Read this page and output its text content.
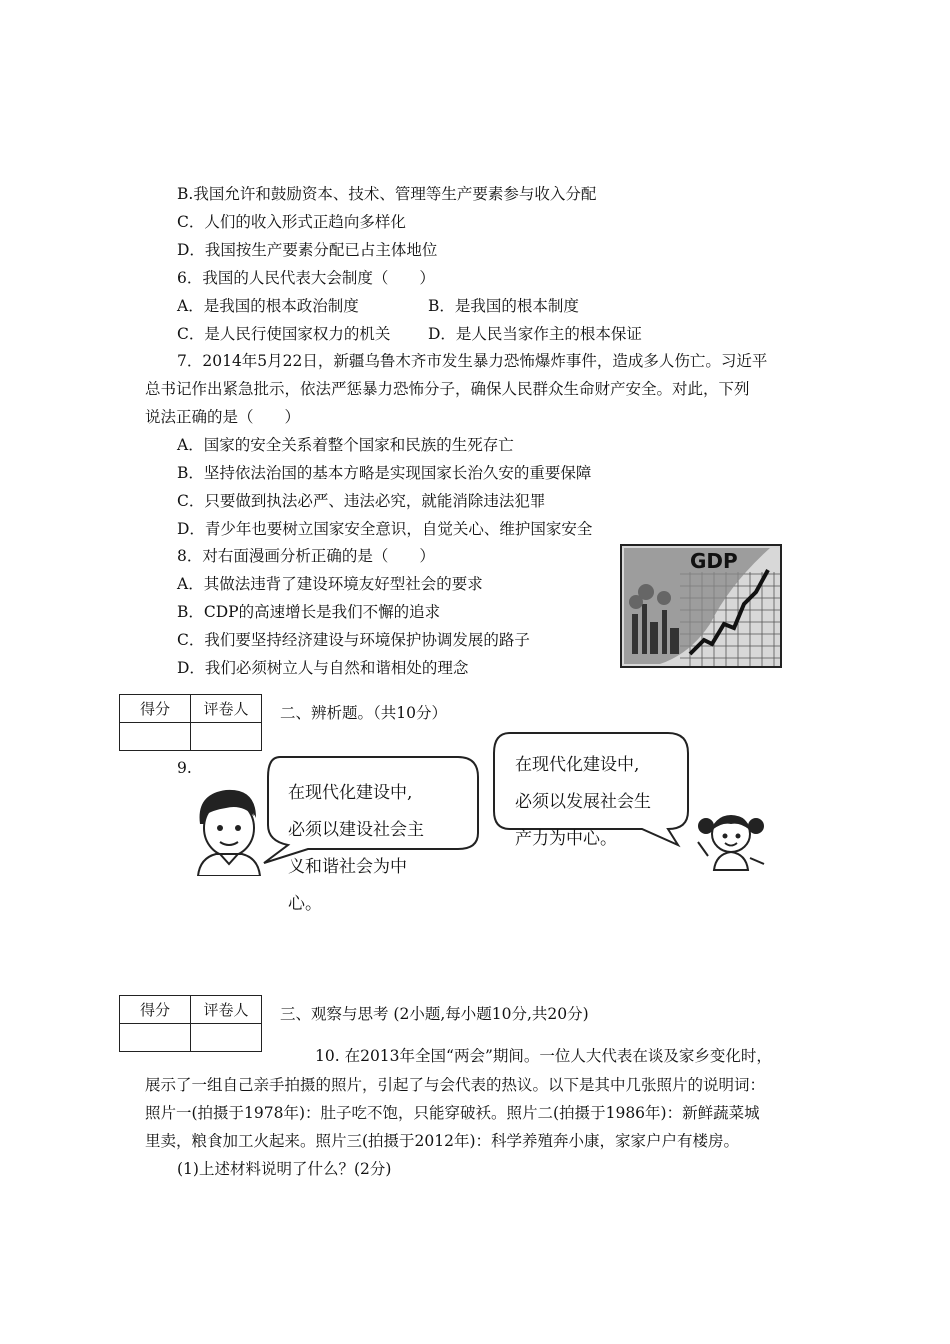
B.我国允许和鼓励资本、技术、管理等生产要素参与收入分配
C．人们的收入形式正趋向多样化
D．我国按生产要素分配已占主体地位
6．我国的人民代表大会制度（　　）
A．是我国的根本政治制度	B．是我国的根本制度
C．是人民行使国家权力的机关 D．是人民当家作主的根本保证
7．2014年5月22日，新疆乌鲁木齐市发生暴力恐怖爆炸事件，造成多人伤亡。习近平
总书记作出紧急批示，依法严惩暴力恐怖分子，确保人民群众生命财产安全。对此，下列
说法正确的是（　　）
A．国家的安全关系着整个国家和民族的生死存亡
B．坚持依法治国的基本方略是实现国家长治久安的重要保障
C．只要做到执法必严、违法必究，就能消除违法犯罪
D．青少年也要树立国家安全意识，自觉关心、维护国家安全
8．对右面漫画分析正确的是（　　）
A．其做法违背了建设环境友好型社会的要求
B．CDP的高速增长是我们不懈的追求
C．我们要坚持经济建设与环境保护协调发展的路子
D．我们必须树立人与自然和谐相处的理念
GDP
得分	评卷人
	二、辨析题。（共10分）
9.
在现代化建设中,
必须以建设社会主
义和谐社会为中
心。
在现代化建设中,
必须以发展社会生
产力为中心。
得分	评卷人
	三、观察与思考 (2小题,每小题10分,共20分)
10. 在2013年全国“两会”期间。一位人大代表在谈及家乡变化时，
展示了一组自己亲手拍摄的照片，引起了与会代表的热议。以下是其中几张照片的说明词：
照片一(拍摄于1978年)：肚子吃不饱，只能穿破袄。照片二(拍摄于1986年)：新鲜蔬菜城
里卖，粮食加工火起来。照片三(拍摄于2012年)：科学养殖奔小康，家家户户有楼房。
(1)上述材料说明了什么？(2分)
